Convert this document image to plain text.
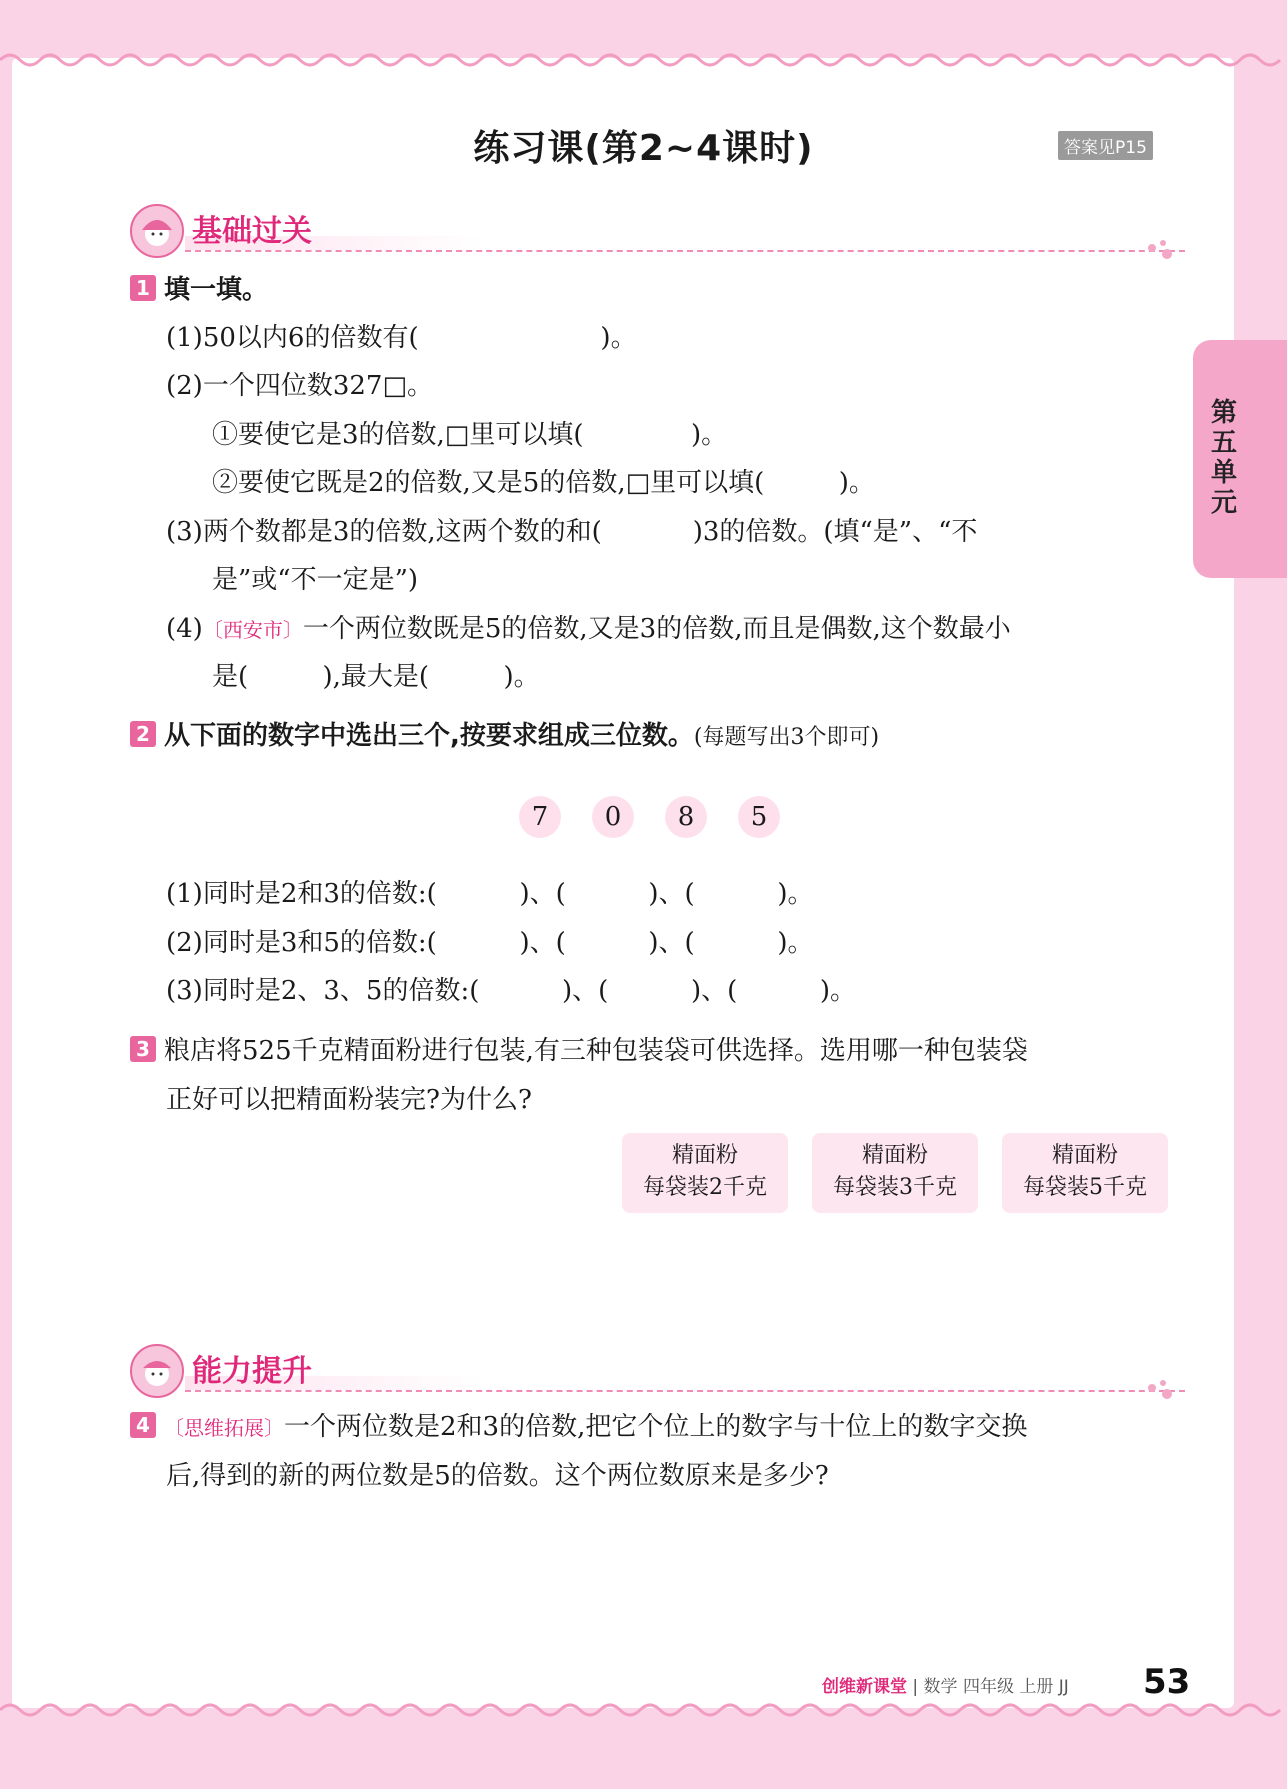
练习课(第2~4课时)	答案见P15
第五单元
基础过关
1 填一填。
(1)50以内6的倍数有(                      )。
(2)一个四位数327□。
①要使它是3的倍数,□里可以填(             )。
②要使它既是2的倍数,又是5的倍数,□里可以填(         )。
(3)两个数都是3的倍数,这两个数的和(           )3的倍数。(填“是”、“不
是”或“不一定是”)
(4)〔西安市〕一个两位数既是5的倍数,又是3的倍数,而且是偶数,这个数最小
是(         ),最大是(         )。
2 从下面的数字中选出三个,按要求组成三位数。(每题写出3个即可)
7	0	8	5
(1)同时是2和3的倍数:(          )、(          )、(          )。
(2)同时是3和5的倍数:(          )、(          )、(          )。
(3)同时是2、3、5的倍数:(          )、(          )、(          )。
3 粮店将525千克精面粉进行包装,有三种包装袋可供选择。选用哪一种包装袋
正好可以把精面粉装完?为什么?
精面粉
每袋装2千克
精面粉
每袋装3千克
精面粉
每袋装5千克
能力提升
4 〔思维拓展〕一个两位数是2和3的倍数,把它个位上的数字与十位上的数字交换
后,得到的新的两位数是5的倍数。这个两位数原来是多少?
创维新课堂 | 数学 四年级 上册 JJ 53
